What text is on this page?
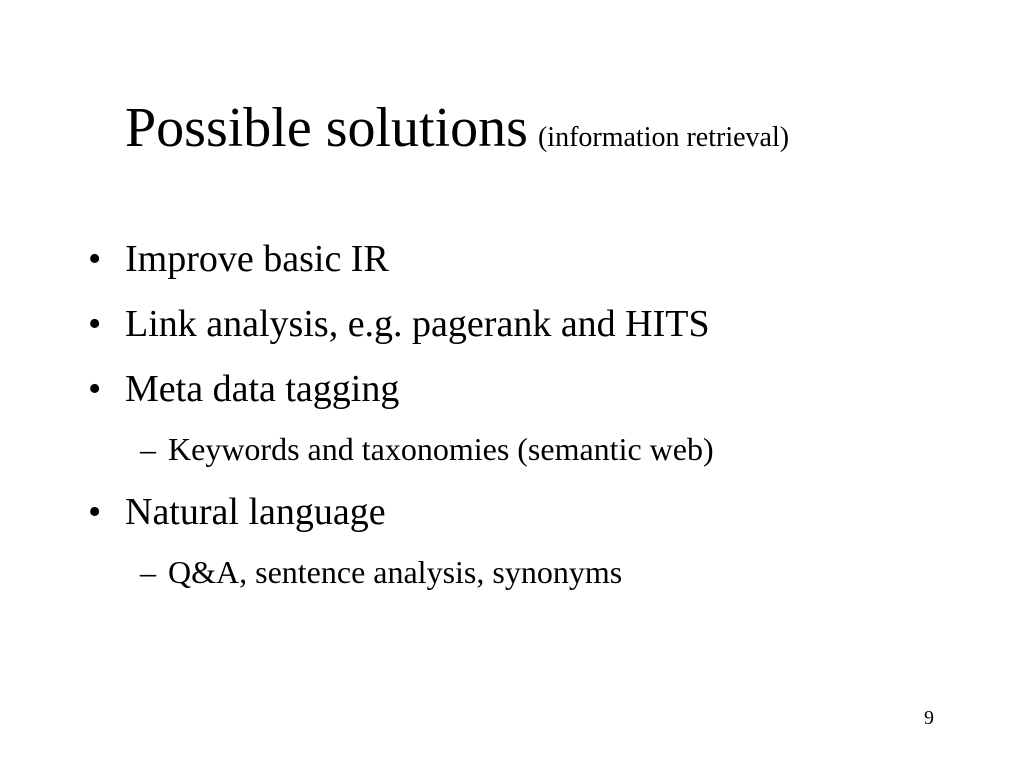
Possible solutions (information retrieval)
• Improve basic IR
• Link analysis, e.g. pagerank and HITS
• Meta data tagging
– Keywords and taxonomies (semantic web)
• Natural language
– Q&A, sentence analysis, synonyms
9
